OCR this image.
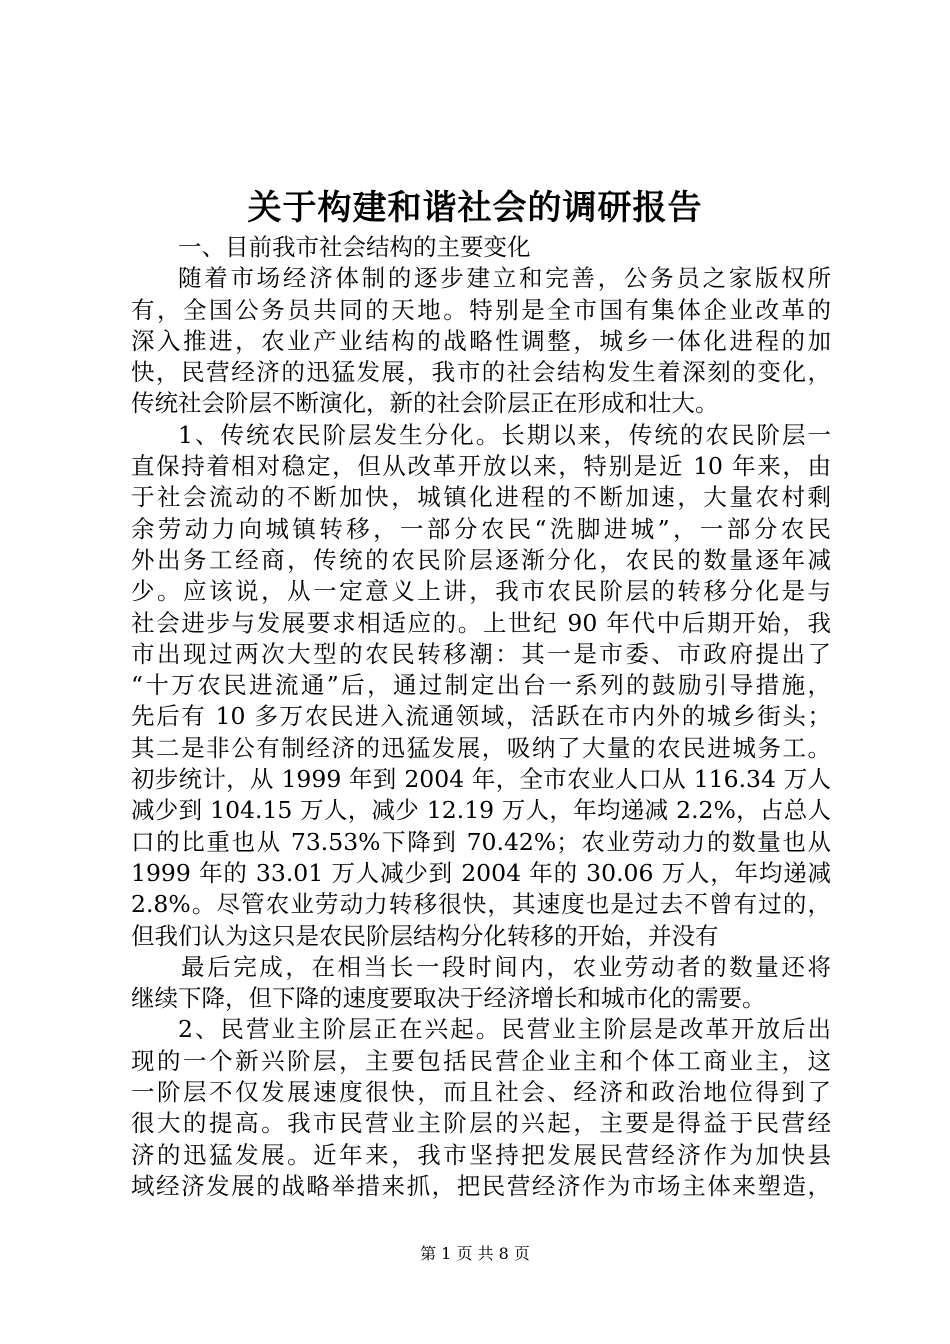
关于构建和谐社会的调研报告
一、目前我市社会结构的主要变化
随着市场经济体制的逐步建立和完善，公务员之家版权所
有，全国公务员共同的天地。特别是全市国有集体企业改革的
深入推进，农业产业结构的战略性调整，城乡一体化进程的加
快，民营经济的迅猛发展，我市的社会结构发生着深刻的变化，
传统社会阶层不断演化，新的社会阶层正在形成和壮大。
1、传统农民阶层发生分化。长期以来，传统的农民阶层一
直保持着相对稳定，但从改革开放以来，特别是近 10 年来，由
于社会流动的不断加快，城镇化进程的不断加速，大量农村剩
余劳动力向城镇转移，一部分农民“洗脚进城”，一部分农民
外出务工经商，传统的农民阶层逐渐分化，农民的数量逐年减
少。应该说，从一定意义上讲，我市农民阶层的转移分化是与
社会进步与发展要求相适应的。上世纪 90 年代中后期开始，我
市出现过两次大型的农民转移潮：其一是市委、市政府提出了
“十万农民进流通”后，通过制定出台一系列的鼓励引导措施，
先后有 10 多万农民进入流通领域，活跃在市内外的城乡街头；
其二是非公有制经济的迅猛发展，吸纳了大量的农民进城务工。
初步统计，从 1999 年到 2004 年，全市农业人口从 116.34 万人
减少到 104.15 万人，减少 12.19 万人，年均递减 2.2%，占总人
口的比重也从 73.53%下降到 70.42%；农业劳动力的数量也从
1999 年的 33.01 万人减少到 2004 年的 30.06 万人，年均递减
2.8%。尽管农业劳动力转移很快，其速度也是过去不曾有过的，
但我们认为这只是农民阶层结构分化转移的开始，并没有
最后完成，在相当长一段时间内，农业劳动者的数量还将
继续下降，但下降的速度要取决于经济增长和城市化的需要。
2、民营业主阶层正在兴起。民营业主阶层是改革开放后出
现的一个新兴阶层，主要包括民营企业主和个体工商业主，这
一阶层不仅发展速度很快，而且社会、经济和政治地位得到了
很大的提高。我市民营业主阶层的兴起，主要是得益于民营经
济的迅猛发展。近年来，我市坚持把发展民营经济作为加快县
域经济发展的战略举措来抓，把民营经济作为市场主体来塑造，
第 1 页 共 8 页
